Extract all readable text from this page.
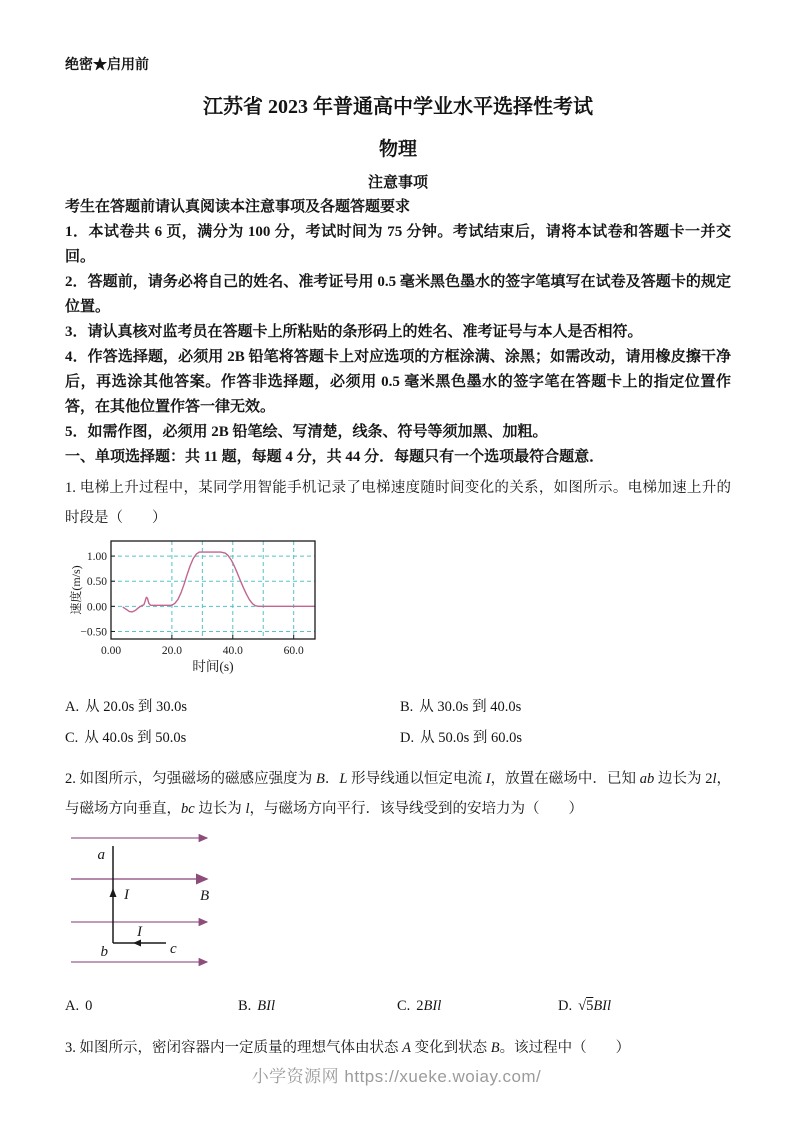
绝密★启用前
江苏省 2023 年普通高中学业水平选择性考试
物理
注意事项
考生在答题前请认真阅读本注意事项及各题答题要求
1．本试卷共 6 页，满分为 100 分，考试时间为 75 分钟。考试结束后，请将本试卷和答题卡一并交回。
2．答题前，请务必将自己的姓名、准考证号用 0.5 毫米黑色墨水的签字笔填写在试卷及答题卡的规定位置。
3．请认真核对监考员在答题卡上所粘贴的条形码上的姓名、准考证号与本人是否相符。
4．作答选择题，必须用 2B 铅笔将答题卡上对应选项的方框涂满、涂黑；如需改动，请用橡皮擦干净后，再选涂其他答案。作答非选择题，必须用 0.5 毫米黑色墨水的签字笔在答题卡上的指定位置作答，在其他位置作答一律无效。
5．如需作图，必须用 2B 铅笔绘、写清楚，线条、符号等须加黑、加粗。
一、单项选择题：共 11 题，每题 4 分，共 44 分．每题只有一个选项最符合题意．

1. 电梯上升过程中，某同学用智能手机记录了电梯速度随时间变化的关系，如图所示。电梯加速上升的时段是（　　）

1.00
0.50
0.00
−0.50
0.00	20.0	40.0	60.0
时间(s)
速度(m/s)
A. 从 20.0s 到 30.0s	B. 从 30.0s 到 40.0s
C. 从 40.0s 到 50.0s	D. 从 50.0s 到 60.0s

2. 如图所示，匀强磁场的磁感应强度为 B．L 形导线通以恒定电流 I，放置在磁场中．已知 ab 边长为 2l，与磁场方向垂直，bc 边长为 l，与磁场方向平行．该导线受到的安培力为（　　）

a
I	B
I
b	c
A. 0	B. BIl	C. 2BIl	D. √5BIl

3. 如图所示，密闭容器内一定质量的理想气体由状态 A 变化到状态 B。该过程中（　　）

小学资源网 https://xueke.woiay.com/
